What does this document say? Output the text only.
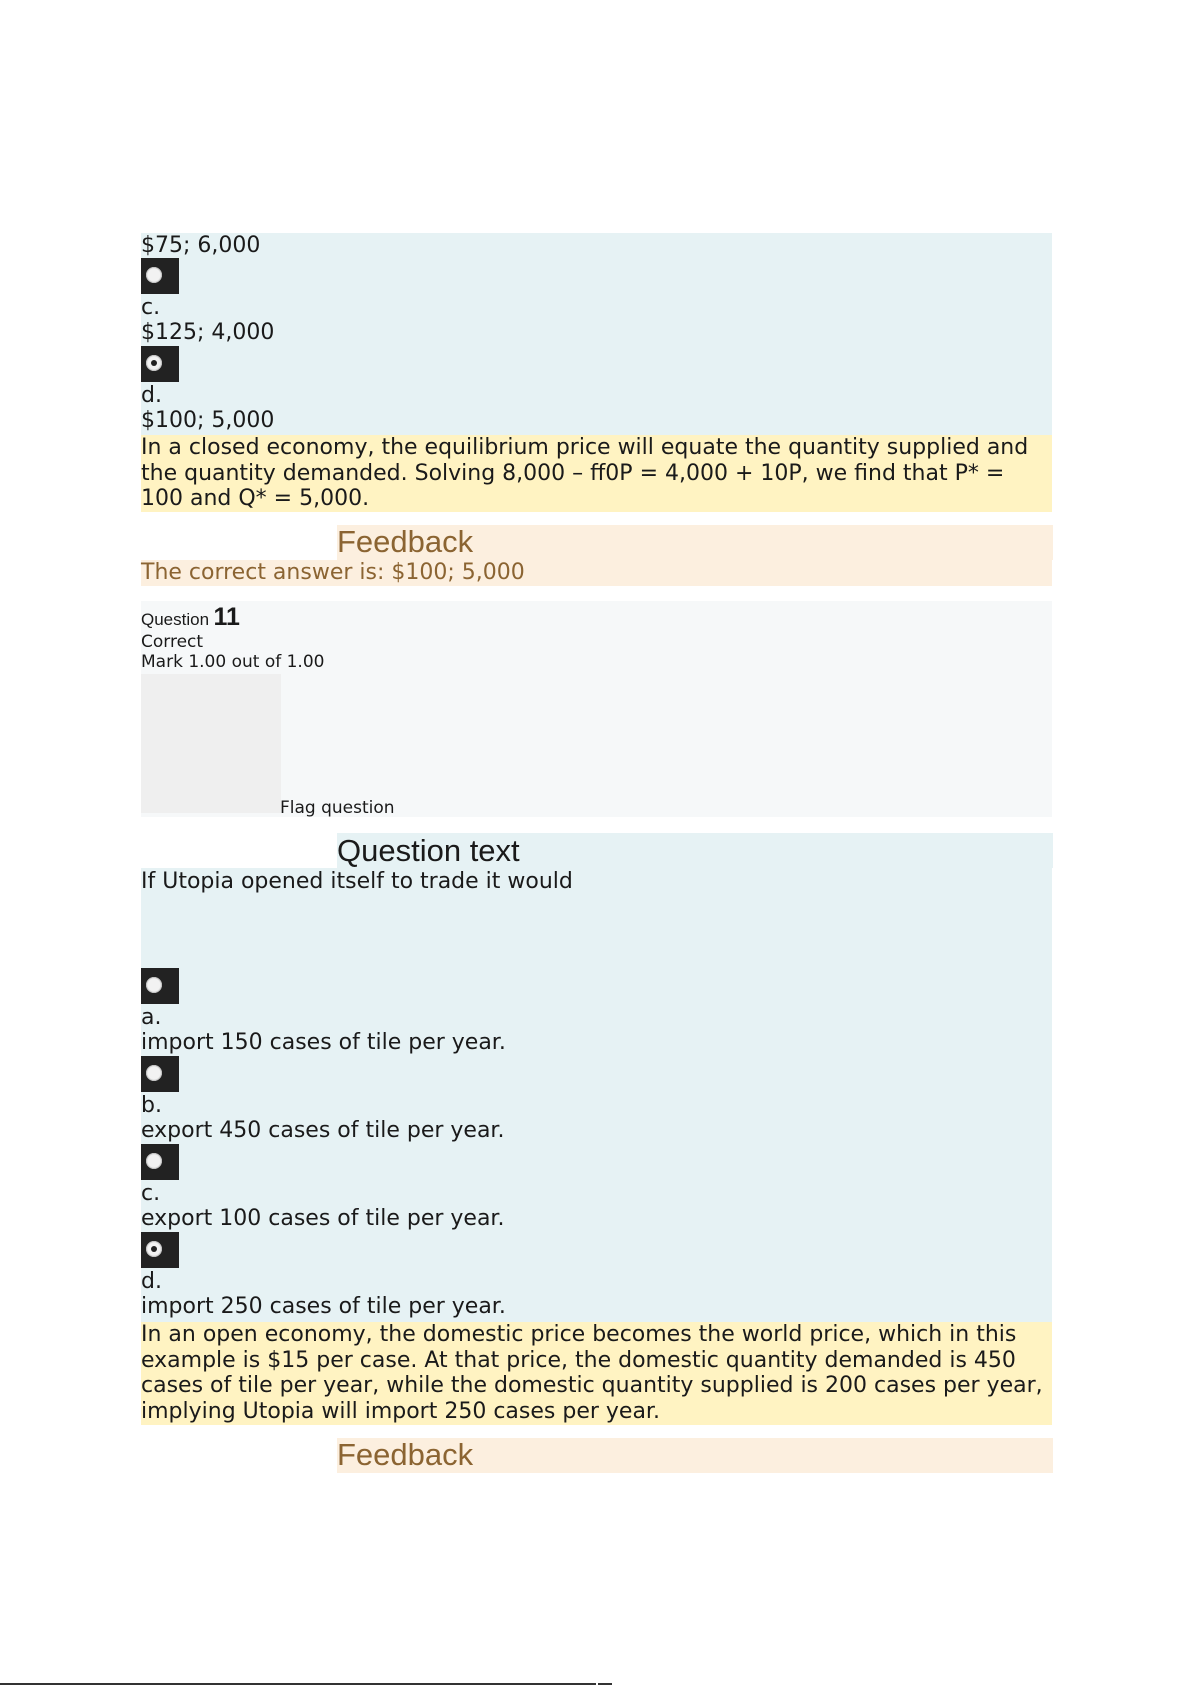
$75; 6,000
c.
$125; 4,000
d.
$100; 5,000
In a closed economy, the equilibrium price will equate the quantity supplied and the quantity demanded. Solving 8,000 – ff0P = 4,000 + 10P, we find that P* = 100 and Q* = 5,000.
Feedback
The correct answer is: $100; 5,000
Question 11
Correct
Mark 1.00 out of 1.00
Flag question
Question text
If Utopia opened itself to trade it would
a.
import 150 cases of tile per year.
b.
export 450 cases of tile per year.
c.
export 100 cases of tile per year.
d.
import 250 cases of tile per year.
In an open economy, the domestic price becomes the world price, which in this example is $15 per case. At that price, the domestic quantity demanded is 450 cases of tile per year, while the domestic quantity supplied is 200 cases per year, implying Utopia will import 250 cases per year.
Feedback
